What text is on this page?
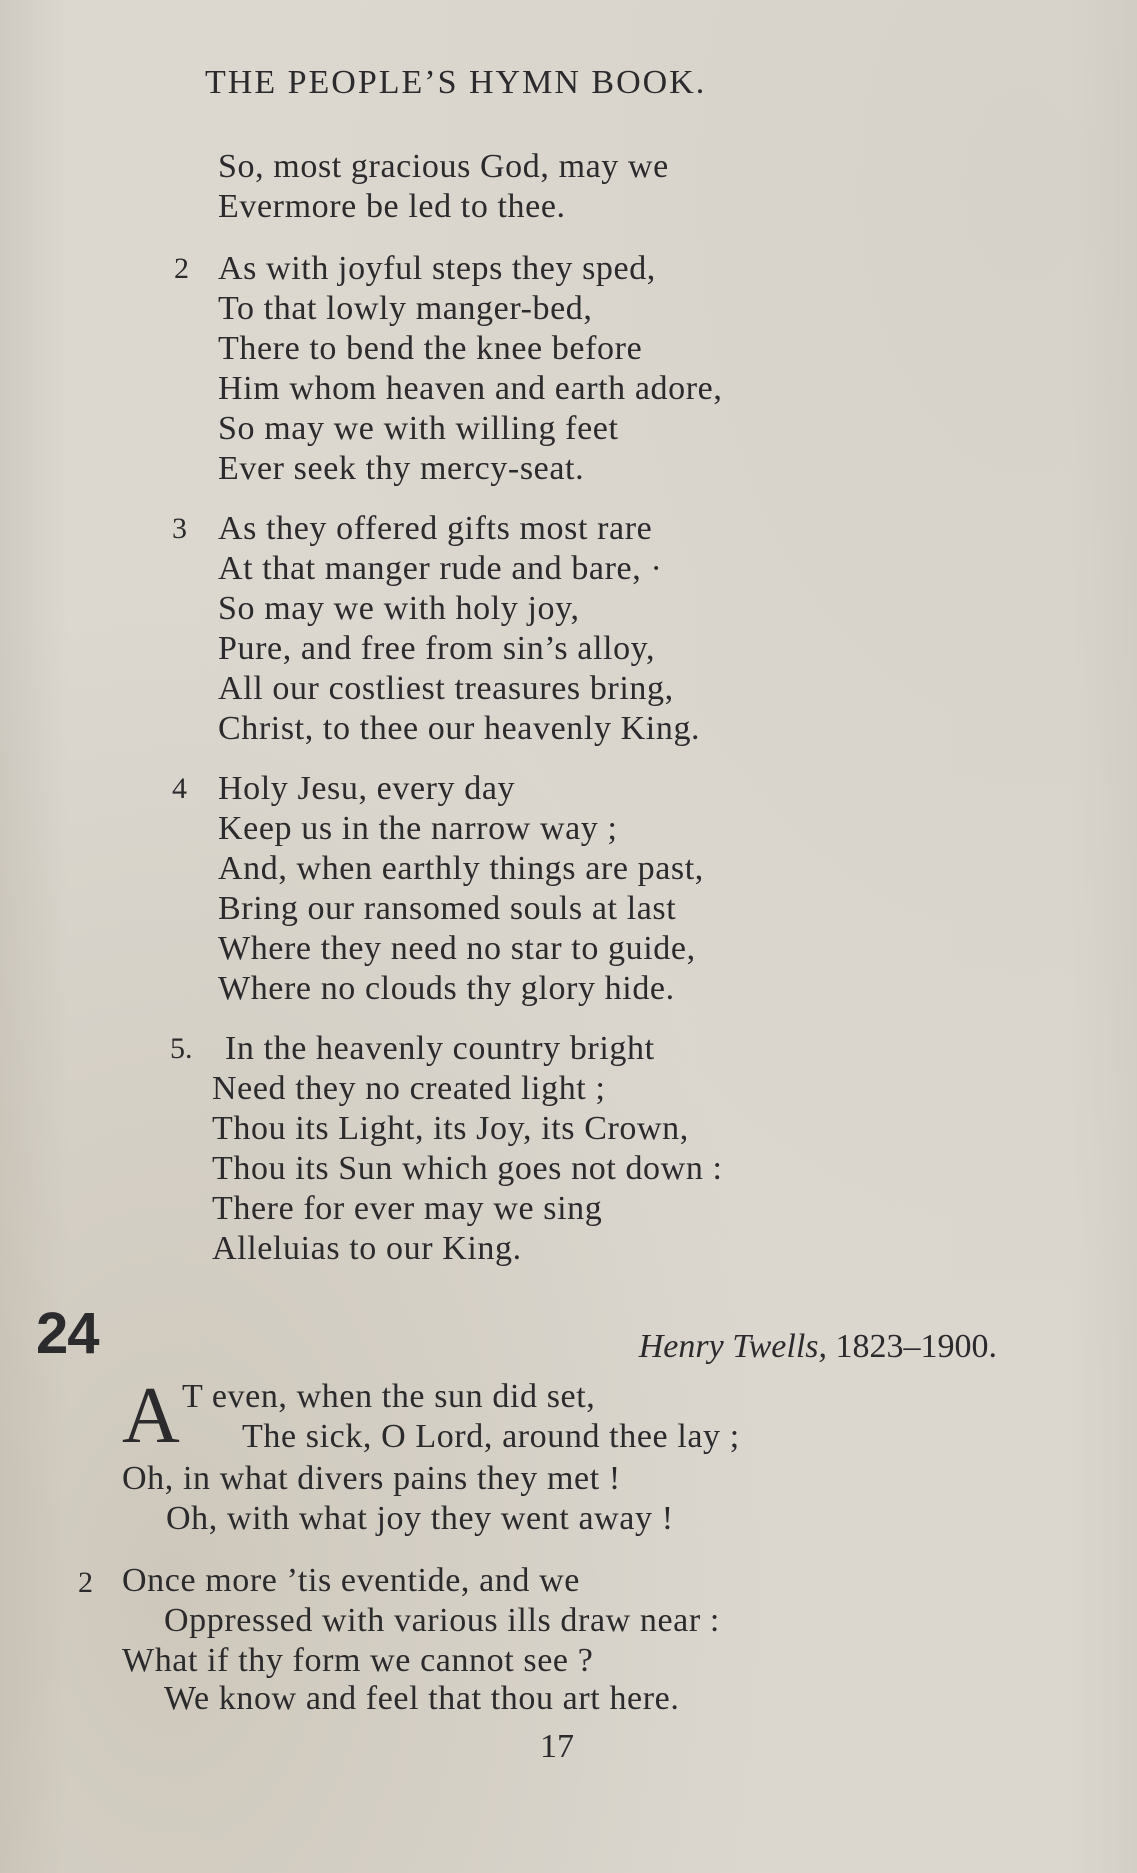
THE PEOPLE’S HYMN BOOK.
So, most gracious God, may we
Evermore be led to thee.
2 As with joyful steps they sped,
To that lowly manger-bed,
There to bend the knee before
Him whom heaven and earth adore,
So may we with willing feet
Ever seek thy mercy-seat.
3 As they offered gifts most rare
At that manger rude and bare, ·
So may we with holy joy,
Pure, and free from sin’s alloy,
All our costliest treasures bring,
Christ, to thee our heavenly King.
4 Holy Jesu, every day
Keep us in the narrow way ;
And, when earthly things are past,
Bring our ransomed souls at last
Where they need no star to guide,
Where no clouds thy glory hide.
5. In the heavenly country bright
Need they no created light ;
Thou its Light, its Joy, its Crown,
Thou its Sun which goes not down :
There for ever may we sing
Alleluias to our King.
24	Henry Twells, 1823–1900.
A T even, when the sun did set,
The sick, O Lord, around thee lay ;
Oh, in what divers pains they met !
Oh, with what joy they went away !
2 Once more ’tis eventide, and we
Oppressed with various ills draw near :
What if thy form we cannot see ?
We know and feel that thou art here.
17
